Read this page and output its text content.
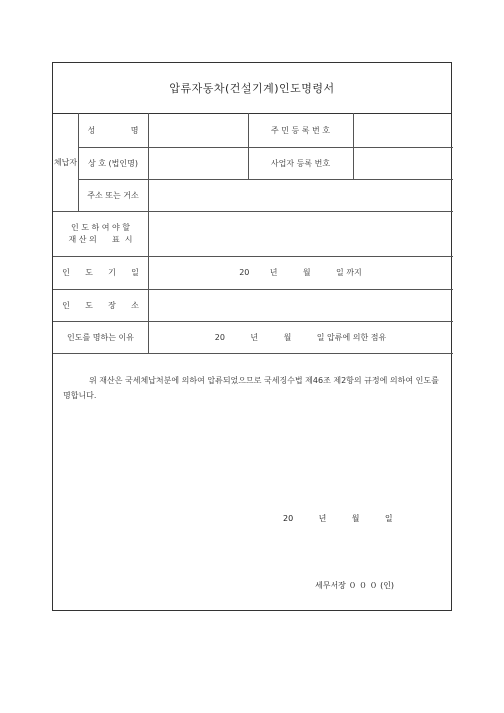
압류자동차(건설기계)인도명령서
체납자
성              명	주 민 등 록 번 호
상 호 (법인명)	사업자 등록 번호
주소 또는 거소
인 도 하 여 야 할
재 산 의      표  시
인      도      기      일	20        년          월          일 까지
인      도      장      소
인도를 명하는 이유	20          년          월          일 압류에 의한 점유
위 재산은 국세체납처분에 의하여 압류되었으므로 국세징수법 제46조 제2항의 규정에 의하여 인도를 명합니다.
20          년          월          일
세무서장 ０ ０ ０ (인)
